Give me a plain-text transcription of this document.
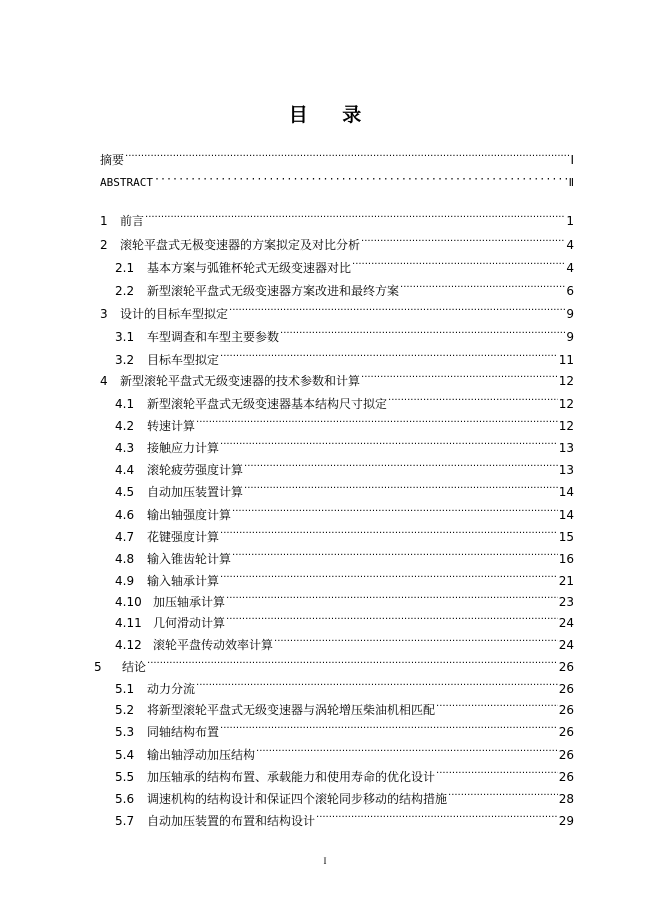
目 录
摘要 ·····	Ⅰ
ABSTRACT ·····	Ⅱ
1	前言 ·····	1
2	滚轮平盘式无极变速器的方案拟定及对比分析 ·····	4
2.1	基本方案与弧锥杯轮式无级变速器对比 ·····	4
2.2	新型滚轮平盘式无级变速器方案改进和最终方案 ·····	6
3	设计的目标车型拟定 ·····	9
3.1	车型调查和车型主要参数 ·····	9
3.2	目标车型拟定 ·····	11
4	新型滚轮平盘式无级变速器的技术参数和计算 ·····	12
4.1	新型滚轮平盘式无级变速器基本结构尺寸拟定 ·····	12
4.2	转速计算 ·····	12
4.3	接触应力计算 ·····	13
4.4	滚轮疲劳强度计算 ·····	13
4.5	自动加压装置计算 ·····	14
4.6	输出轴强度计算 ·····	14
4.7	花键强度计算 ·····	15
4.8	输入锥齿轮计算 ·····	16
4.9	输入轴承计算 ·····	21
4.10 加压轴承计算 ·····	23
4.11 几何滑动计算 ·····	24
4.12 滚轮平盘传动效率计算 ·····	24
5	结论 ·····	26
5.1	动力分流 ·····	26
5.2	将新型滚轮平盘式无级变速器与涡轮增压柴油机相匹配 ·····	26
5.3	同轴结构布置 ·····	26
5.4	输出轴浮动加压结构 ·····	26
5.5	加压轴承的结构布置、承载能力和使用寿命的优化设计 ·····	26
5.6	调速机构的结构设计和保证四个滚轮同步移动的结构措施 ·····	28
5.7	自动加压装置的布置和结构设计 ·····	29
I
